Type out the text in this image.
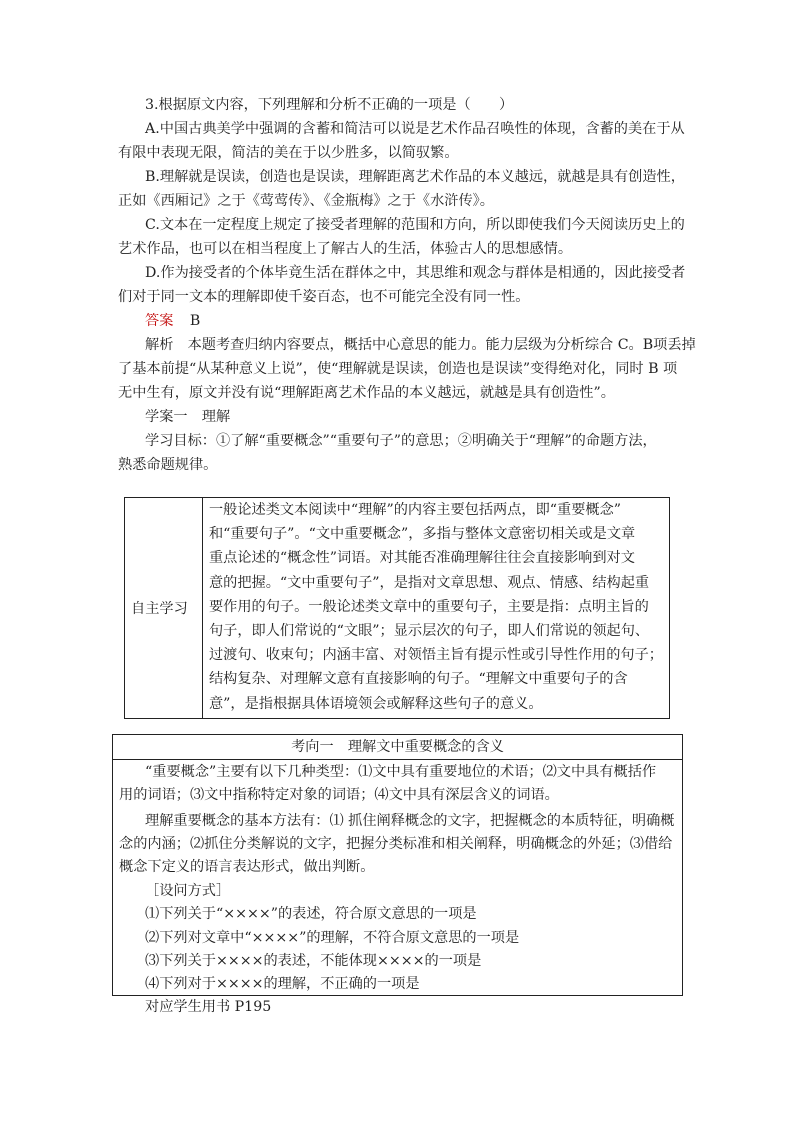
3.根据原文内容，下列理解和分析不正确的一项是（　　）
A.中国古典美学中强调的含蓄和简洁可以说是艺术作品召唤性的体现，含蓄的美在于从
有限中表现无限，简洁的美在于以少胜多，以简驭繁。
B.理解就是误读，创造也是误读，理解距离艺术作品的本义越远，就越是具有创造性，
正如《西厢记》之于《莺莺传》、《金瓶梅》之于《水浒传》。
C.文本在一定程度上规定了接受者理解的范围和方向，所以即使我们今天阅读历史上的
艺术作品，也可以在相当程度上了解古人的生活，体验古人的思想感情。
D.作为接受者的个体毕竟生活在群体之中，其思维和观念与群体是相通的，因此接受者
们对于同一文本的理解即使千姿百态，也不可能完全没有同一性。
答案 B
解析　本题考查归纳内容要点，概括中心意思的能力。能力层级为分析综合 C。B项丢掉
了基本前提“从某种意义上说”，使“理解就是误读，创造也是误读”变得绝对化，同时 B 项
无中生有，原文并没有说“理解距离艺术作品的本义越远，就越是具有创造性”。
学案一　理解
学习目标：①了解“重要概念”“重要句子”的意思；②明确关于“理解”的命题方法，
熟悉命题规律。
自主学习	
一般论述类文本阅读中“理解”的内容主要包括两点，即“重要概念”
和“重要句子”。“文中重要概念”，多指与整体文意密切相关或是文章
重点论述的“概念性”词语。对其能否准确理解往往会直接影响到对文
意的把握。“文中重要句子”，是指对文章思想、观点、情感、结构起重
要作用的句子。一般论述类文章中的重要句子，主要是指：点明主旨的
句子，即人们常说的“文眼”；显示层次的句子，即人们常说的领起句、
过渡句、收束句；内涵丰富、对领悟主旨有提示性或引导性作用的句子；
结构复杂、对理解文意有直接影响的句子。“理解文中重要句子的含
意”，是指根据具体语境领会或解释这些句子的意义。
考向一　理解文中重要概念的含义
“重要概念”主要有以下几种类型：⑴文中具有重要地位的术语；⑵文中具有概括作
用的词语；⑶文中指称特定对象的词语；⑷文中具有深层含义的词语。
理解重要概念的基本方法有：⑴ 抓住阐释概念的文字，把握概念的本质特征，明确概
念的内涵；⑵抓住分类解说的文字，把握分类标准和相关阐释，明确概念的外延；⑶借给
概念下定义的语言表达形式，做出判断。
［设问方式］
⑴下列关于“××××”的表述，符合原文意思的一项是
⑵下列对文章中“××××”的理解，不符合原文意思的一项是
⑶下列关于××××的表述，不能体现××××的一项是
⑷下列对于××××的理解，不正确的一项是
对应学生用书 P195
